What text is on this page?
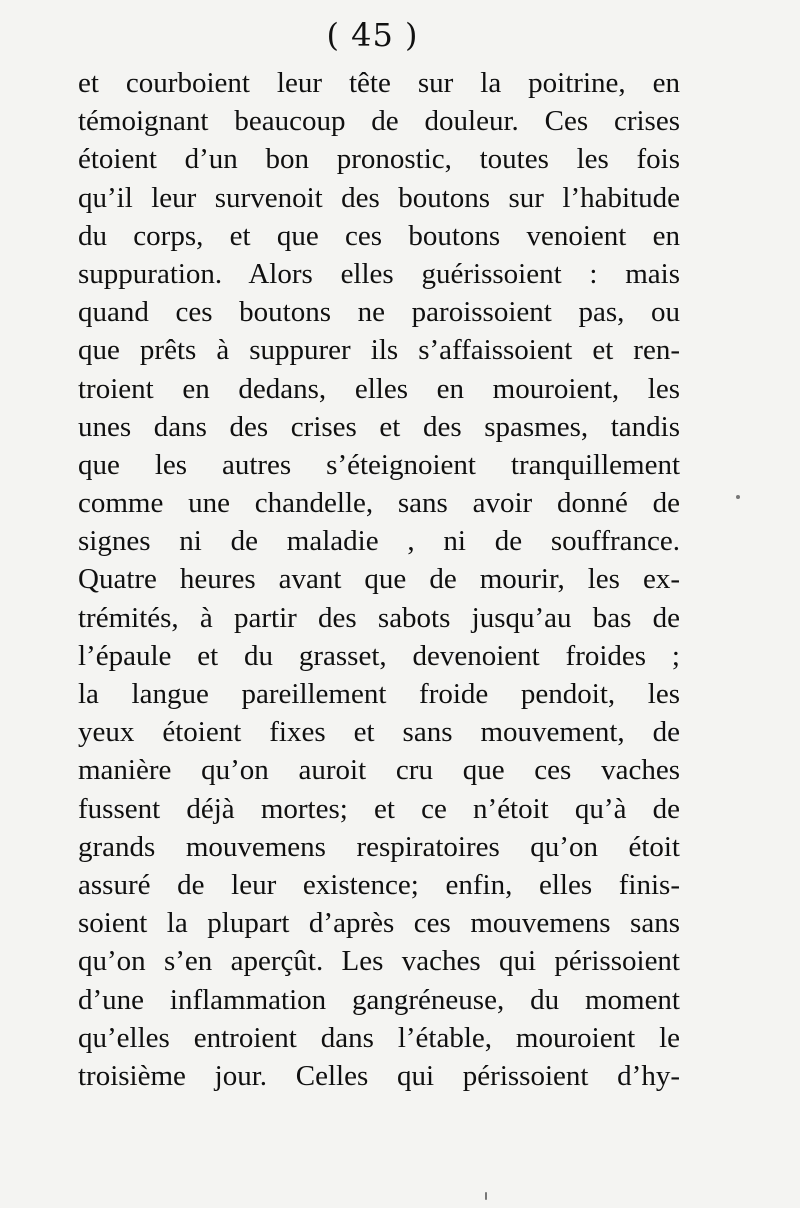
( 45 )
et courboient leur tête sur la poitrine, en
témoignant beaucoup de douleur. Ces crises
étoient d’un bon pronostic, toutes les fois
qu’il leur survenoit des boutons sur l’habitude
du corps, et que ces boutons venoient en
suppuration. Alors elles guérissoient : mais
quand ces boutons ne paroissoient pas, ou
que prêts à suppurer ils s’affaissoient et ren-
troient en dedans, elles en mouroient, les
unes dans des crises et des spasmes, tandis
que les autres s’éteignoient tranquillement
comme une chandelle, sans avoir donné de
signes ni de maladie , ni de souffrance.
Quatre heures avant que de mourir, les ex-
trémités, à partir des sabots jusqu’au bas de
l’épaule et du grasset, devenoient froides ;
la langue pareillement froide pendoit, les
yeux étoient fixes et sans mouvement, de
manière qu’on auroit cru que ces vaches
fussent déjà mortes; et ce n’étoit qu’à de
grands mouvemens respiratoires qu’on étoit
assuré de leur existence; enfin, elles finis-
soient la plupart d’après ces mouvemens sans
qu’on s’en aperçût. Les vaches qui périssoient
d’une inflammation gangréneuse, du moment
qu’elles entroient dans l’étable, mouroient le
troisième jour. Celles qui périssoient d’hy-
